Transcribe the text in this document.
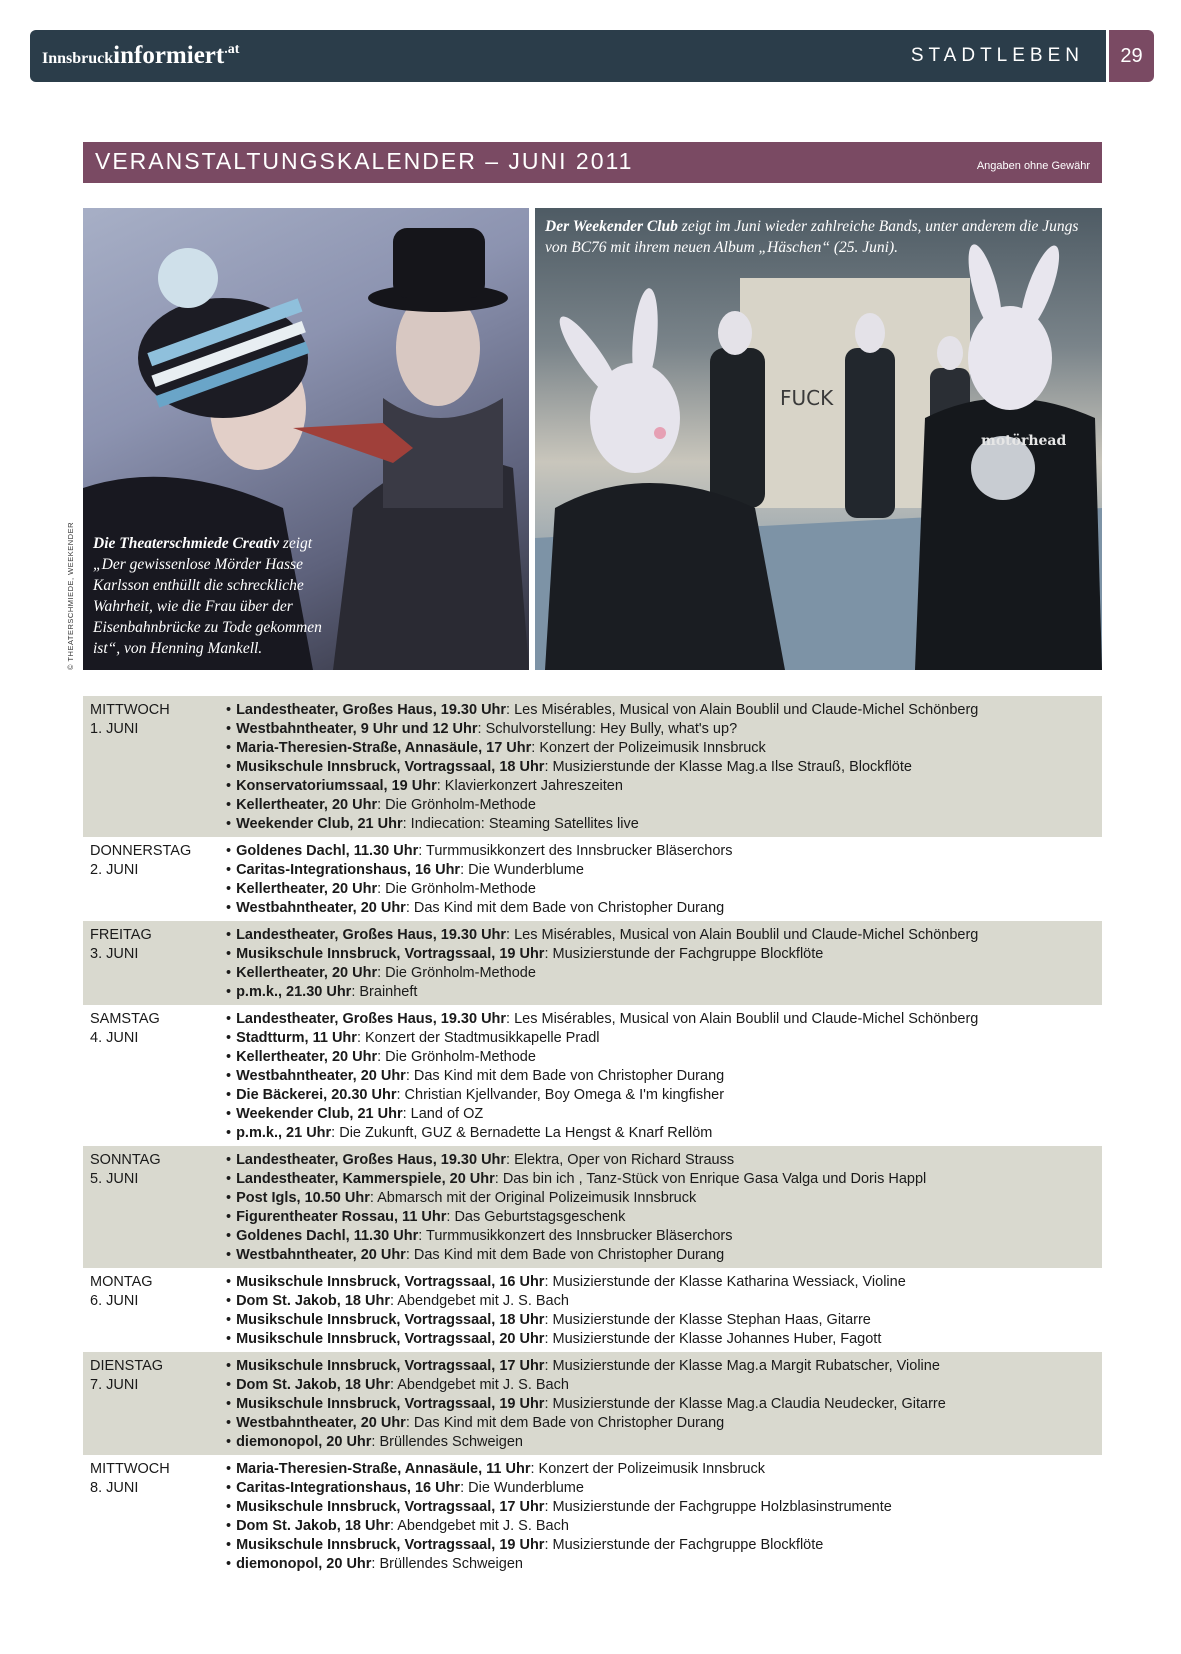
Innsbruckinformiert.at	STADTLEBEN	29
VERANSTALTUNGSKALENDER – JUNI 2011	Angaben ohne Gewähr
Die Theaterschmiede Creativ zeigt „Der gewissenlose Mörder Hasse Karlsson enthüllt die schreckliche Wahrheit, wie die Frau über der Eisenbahnbrücke zu Tode gekommen ist“, von Henning Mankell.
FUCK
motörhead
Der Weekender Club zeigt im Juni wieder zahlreiche Bands, unter anderem die Jungs von BC76 mit ihrem neuen Album „Häschen“ (25. Juni).
© THEATERSCHMIEDE, WEEKENDER
MITTWOCH
1. JUNI
• Landestheater, Großes Haus, 19.30 Uhr: Les Misérables, Musical von Alain Boublil und Claude-Michel Schönberg
• Westbahntheater, 9 Uhr und 12 Uhr: Schulvorstellung: Hey Bully, what's up?
• Maria-Theresien-Straße, Annasäule, 17 Uhr: Konzert der Polizeimusik Innsbruck
• Musikschule Innsbruck, Vortragssaal, 18 Uhr: Musizierstunde der Klasse Mag.a Ilse Strauß, Blockflöte
• Konservatoriumssaal, 19 Uhr: Klavierkonzert Jahreszeiten
• Kellertheater, 20 Uhr: Die Grönholm-Methode
• Weekender Club, 21 Uhr: Indiecation: Steaming Satellites live
DONNERSTAG
2. JUNI
• Goldenes Dachl, 11.30 Uhr: Turmmusikkonzert des Innsbrucker Bläserchors
• Caritas-Integrationshaus, 16 Uhr: Die Wunderblume
• Kellertheater, 20 Uhr: Die Grönholm-Methode
• Westbahntheater, 20 Uhr: Das Kind mit dem Bade von Christopher Durang
FREITAG
3. JUNI
• Landestheater, Großes Haus, 19.30 Uhr: Les Misérables, Musical von Alain Boublil und Claude-Michel Schönberg
• Musikschule Innsbruck, Vortragssaal, 19 Uhr: Musizierstunde der Fachgruppe Blockflöte
• Kellertheater, 20 Uhr: Die Grönholm-Methode
• p.m.k., 21.30 Uhr: Brainheft
SAMSTAG
4. JUNI
• Landestheater, Großes Haus, 19.30 Uhr: Les Misérables, Musical von Alain Boublil und Claude-Michel Schönberg
• Stadtturm, 11 Uhr: Konzert der Stadtmusikkapelle Pradl
• Kellertheater, 20 Uhr: Die Grönholm-Methode
• Westbahntheater, 20 Uhr: Das Kind mit dem Bade von Christopher Durang
• Die Bäckerei, 20.30 Uhr: Christian Kjellvander, Boy Omega & I'm kingfisher
• Weekender Club, 21 Uhr: Land of OZ
• p.m.k., 21 Uhr: Die Zukunft, GUZ & Bernadette La Hengst & Knarf Rellöm
SONNTAG
5. JUNI
• Landestheater, Großes Haus, 19.30 Uhr: Elektra, Oper von Richard Strauss
• Landestheater, Kammerspiele, 20 Uhr: Das bin ich , Tanz-Stück von Enrique Gasa Valga und Doris Happl
• Post Igls, 10.50 Uhr: Abmarsch mit der Original Polizeimusik Innsbruck
• Figurentheater Rossau, 11 Uhr: Das Geburtstagsgeschenk
• Goldenes Dachl, 11.30 Uhr: Turmmusikkonzert des Innsbrucker Bläserchors
• Westbahntheater, 20 Uhr: Das Kind mit dem Bade von Christopher Durang
MONTAG
6. JUNI
• Musikschule Innsbruck, Vortragssaal, 16 Uhr: Musizierstunde der Klasse Katharina Wessiack, Violine
• Dom St. Jakob, 18 Uhr: Abendgebet mit J. S. Bach
• Musikschule Innsbruck, Vortragssaal, 18 Uhr: Musizierstunde der Klasse Stephan Haas, Gitarre
• Musikschule Innsbruck, Vortragssaal, 20 Uhr: Musizierstunde der Klasse Johannes Huber, Fagott
DIENSTAG
7. JUNI
• Musikschule Innsbruck, Vortragssaal, 17 Uhr: Musizierstunde der Klasse Mag.a Margit Rubatscher, Violine
• Dom St. Jakob, 18 Uhr: Abendgebet mit J. S. Bach
• Musikschule Innsbruck, Vortragssaal, 19 Uhr: Musizierstunde der Klasse Mag.a Claudia Neudecker, Gitarre
• Westbahntheater, 20 Uhr: Das Kind mit dem Bade von Christopher Durang
• diemonopol, 20 Uhr: Brüllendes Schweigen
MITTWOCH
8. JUNI
• Maria-Theresien-Straße, Annasäule, 11 Uhr: Konzert der Polizeimusik Innsbruck
• Caritas-Integrationshaus, 16 Uhr: Die Wunderblume
• Musikschule Innsbruck, Vortragssaal, 17 Uhr: Musizierstunde der Fachgruppe Holzblasinstrumente
• Dom St. Jakob, 18 Uhr: Abendgebet mit J. S. Bach
• Musikschule Innsbruck, Vortragssaal, 19 Uhr: Musizierstunde der Fachgruppe Blockflöte
• diemonopol, 20 Uhr: Brüllendes Schweigen
